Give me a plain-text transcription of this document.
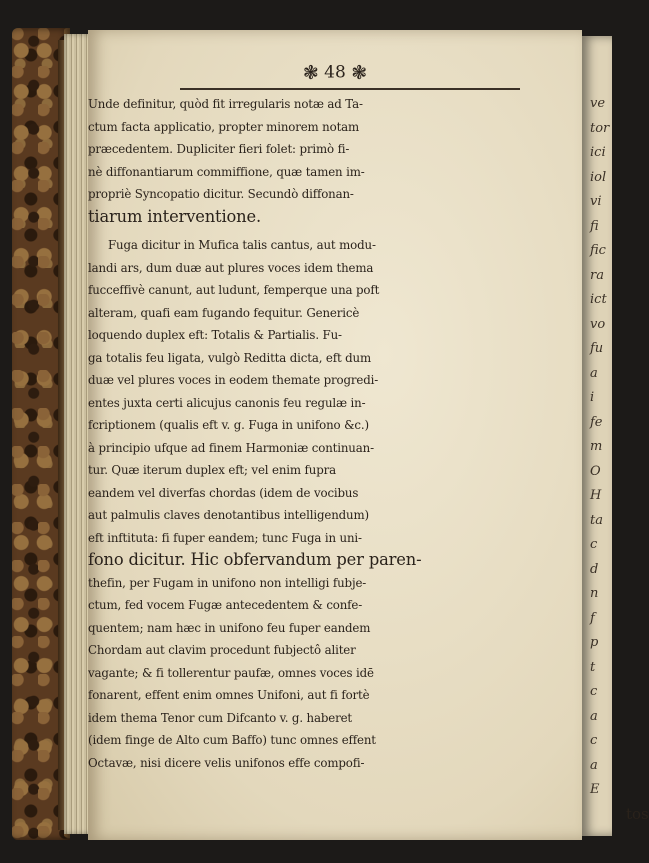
❃ 48 ❃
tos
Unde definitur, quòd fit irregularis notæ ad Ta-
ctum facta applicatio, propter minorem notam
præcedentem. Dupliciter fieri folet: primò fi-
nè diffonantiarum commiffione, quæ tamen im-
propriè Syncopatio dicitur. Secundò diffonan-
tiarum interventione.
Fuga dicitur in Mufica talis cantus, aut modu-
landi ars, dum duæ aut plures voces idem thema
fucceffivè canunt, aut ludunt, femperque una poft
alteram, quafi eam fugando fequitur. Genericè
loquendo duplex eft: Totalis & Partialis. Fu-
ga totalis feu ligata, vulgò Reditta dicta, eft dum
duæ vel plures voces in eodem themate progredi-
entes juxta certi alicujus canonis feu regulæ in-
fcriptionem (qualis eft v. g. Fuga in unifono &c.)
à principio ufque ad finem Harmoniæ continuan-
tur. Quæ iterum duplex eft; vel enim fupra
eandem vel diverfas chordas (idem de vocibus
aut palmulis claves denotantibus intelligendum)
eft inftituta: fi fuper eandem; tunc Fuga in uni-
fono dicitur. Hic obfervandum per paren-
thefin, per Fugam in unifono non intelligi fubje-
ctum, fed vocem Fugæ antecedentem & confe-
quentem; nam hæc in unifono feu fuper eandem
Chordam aut clavim procedunt fubjectô aliter
vagante; & fi tollerentur paufæ, omnes voces idē
fonarent, effent enim omnes Unifoni, aut fi fortè
idem thema Tenor cum Difcanto v. g. haberet
(idem finge de Alto cum Baffo) tunc omnes effent
Octavæ, nisi dicere velis unifonos effe compofi-
ve
tor
ici
iol
vi
fi
fic
ra
ict
vo
fu
a
i
fe
m
O
H
ta
c
d
n
f
p
t
c
a
c
a
E
